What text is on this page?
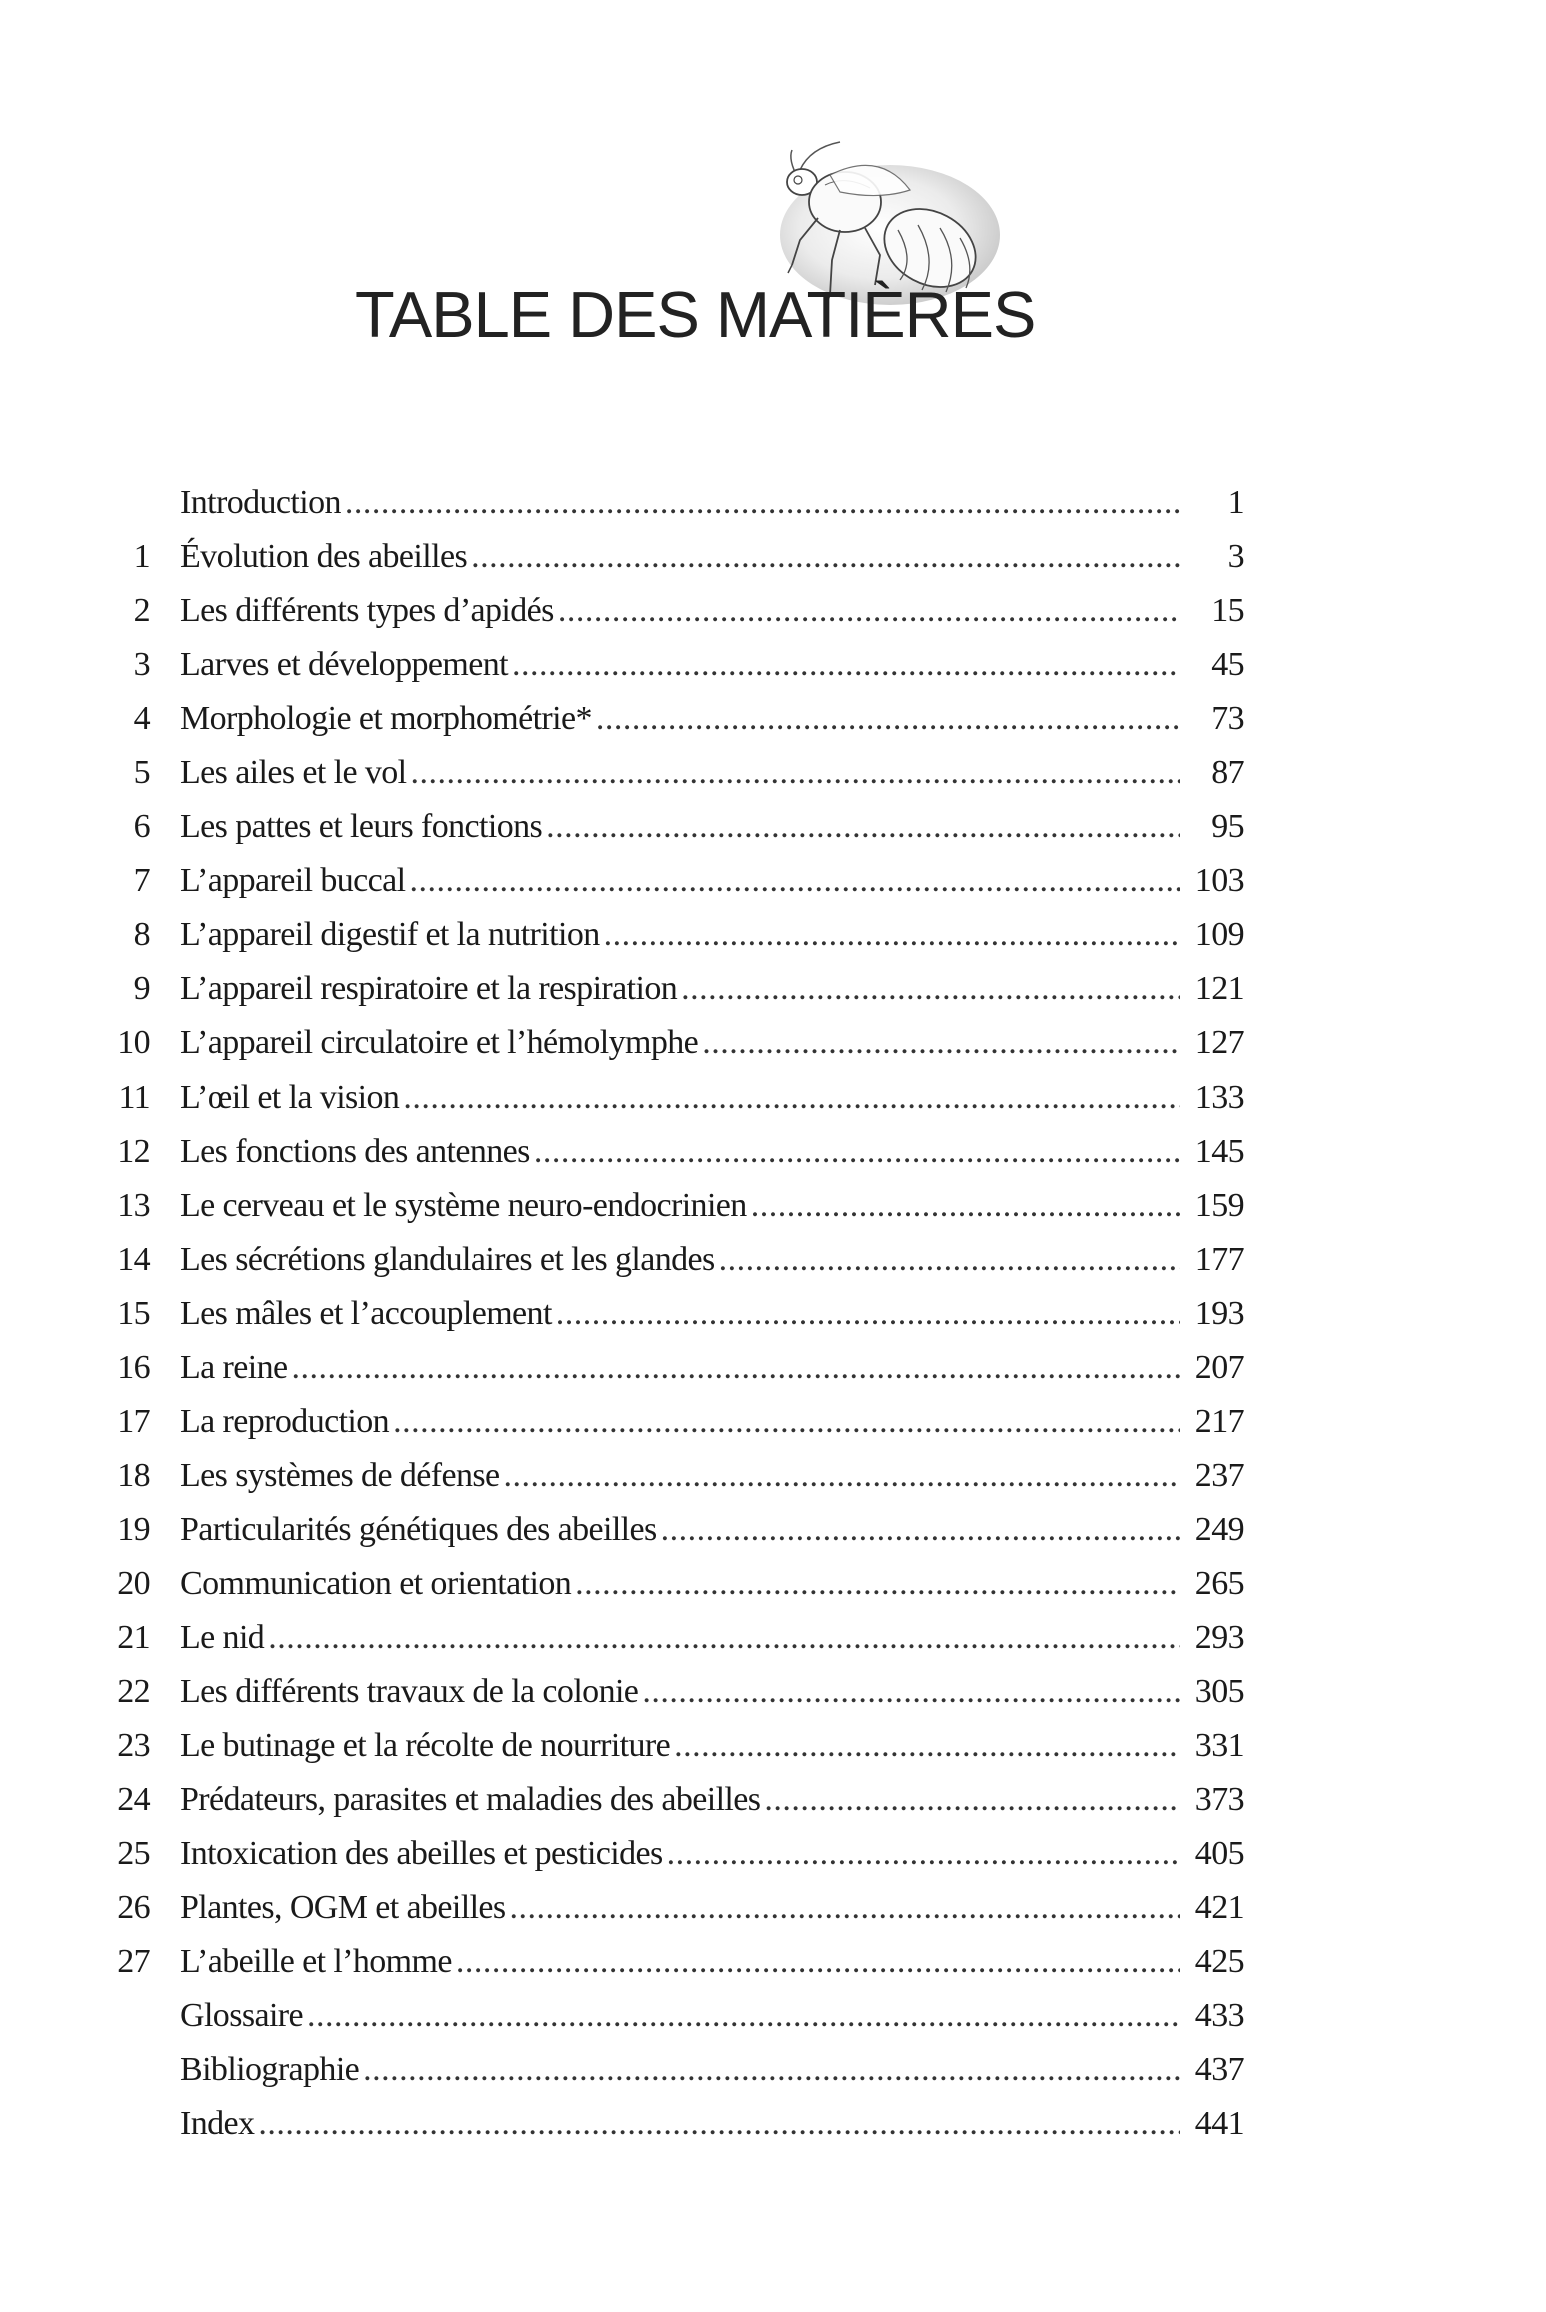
TABLE DES MATIÈRES
Introduction .....	1
1 Évolution des abeilles .....	3
2 Les différents types d’apidés .....	15
3 Larves et développement .....	45
4 Morphologie et morphométrie* .....	73
5 Les ailes et le vol .....	87
6 Les pattes et leurs fonctions .....	95
7 L’appareil buccal .....	103
8 L’appareil digestif et la nutrition .....	109
9 L’appareil respiratoire et la respiration .....	121
10 L’appareil circulatoire et l’hémolymphe .....	127
11 L’œil et la vision .....	133
12 Les fonctions des antennes .....	145
13 Le cerveau et le système neuro-endocrinien .....	159
14 Les sécrétions glandulaires et les glandes .....	177
15 Les mâles et l’accouplement .....	193
16 La reine .....	207
17 La reproduction .....	217
18 Les systèmes de défense .....	237
19 Particularités génétiques des abeilles .....	249
20 Communication et orientation .....	265
21 Le nid .....	293
22 Les différents travaux de la colonie .....	305
23 Le butinage et la récolte de nourriture .....	331
24 Prédateurs, parasites et maladies des abeilles .....	373
25 Intoxication des abeilles et pesticides .....	405
26 Plantes, OGM et abeilles .....	421
27 L’abeille et l’homme .....	425
Glossaire .....	433
Bibliographie .....	437
Index .....	441
